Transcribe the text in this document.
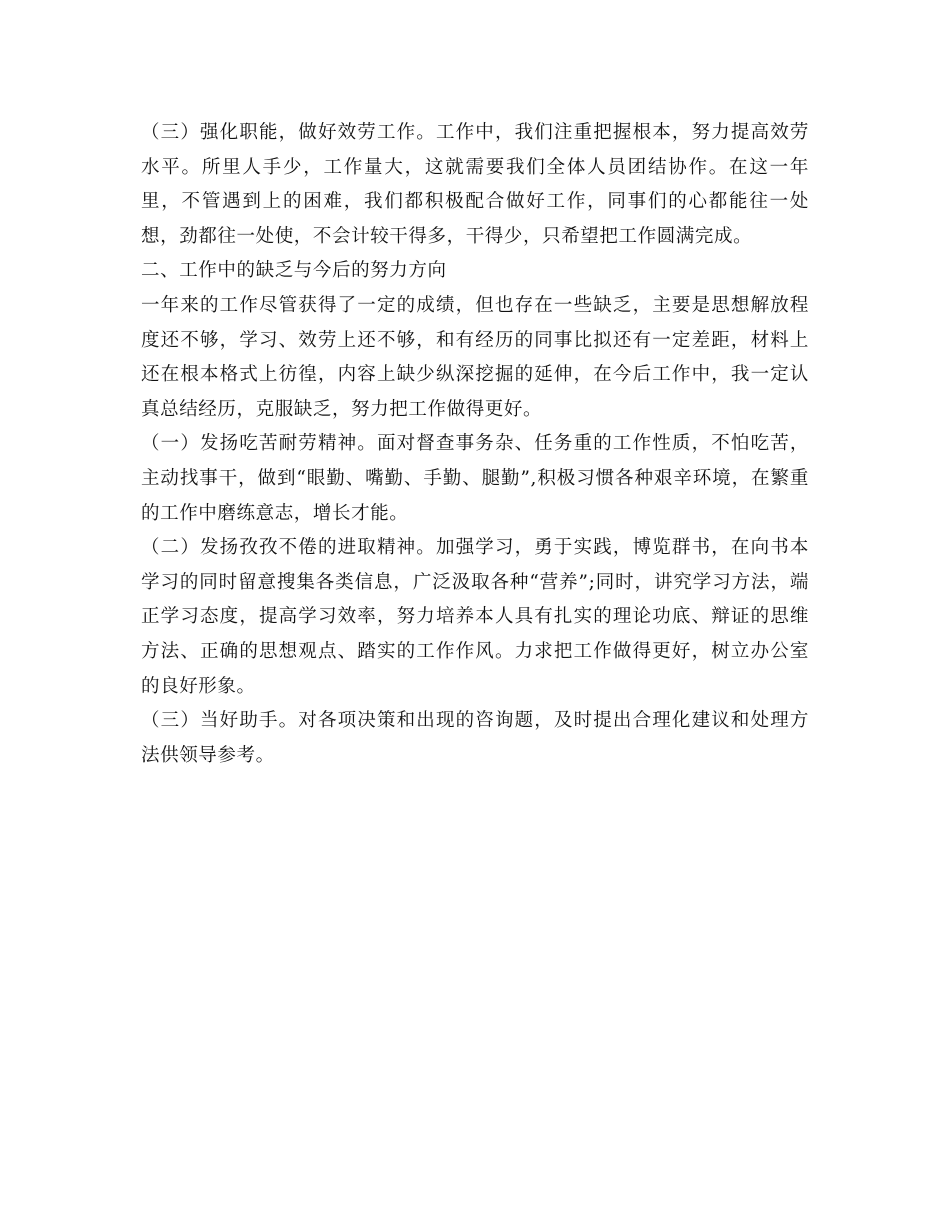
（三）强化职能，做好效劳工作。工作中，我们注重把握根本，努力提高效劳水平。所里人手少，工作量大，这就需要我们全体人员团结协作。在这一年里，不管遇到上的困难，我们都积极配合做好工作，同事们的心都能往一处想，劲都往一处使，不会计较干得多，干得少，只希望把工作圆满完成。

二、工作中的缺乏与今后的努力方向

一年来的工作尽管获得了一定的成绩，但也存在一些缺乏，主要是思想解放程度还不够，学习、效劳上还不够，和有经历的同事比拟还有一定差距，材料上还在根本格式上彷徨，内容上缺少纵深挖掘的延伸，在今后工作中，我一定认真总结经历，克服缺乏，努力把工作做得更好。

（一）发扬吃苦耐劳精神。面对督查事务杂、任务重的工作性质，不怕吃苦，主动找事干，做到“眼勤、嘴勤、手勤、腿勤”,积极习惯各种艰辛环境，在繁重的工作中磨练意志，增长才能。

（二）发扬孜孜不倦的进取精神。加强学习，勇于实践，博览群书，在向书本学习的同时留意搜集各类信息，广泛汲取各种“营养”;同时，讲究学习方法，端正学习态度，提高学习效率，努力培养本人具有扎实的理论功底、辩证的思维方法、正确的思想观点、踏实的工作作风。力求把工作做得更好，树立办公室的良好形象。

（三）当好助手。对各项决策和出现的咨询题，及时提出合理化建议和处理方法供领导参考。
